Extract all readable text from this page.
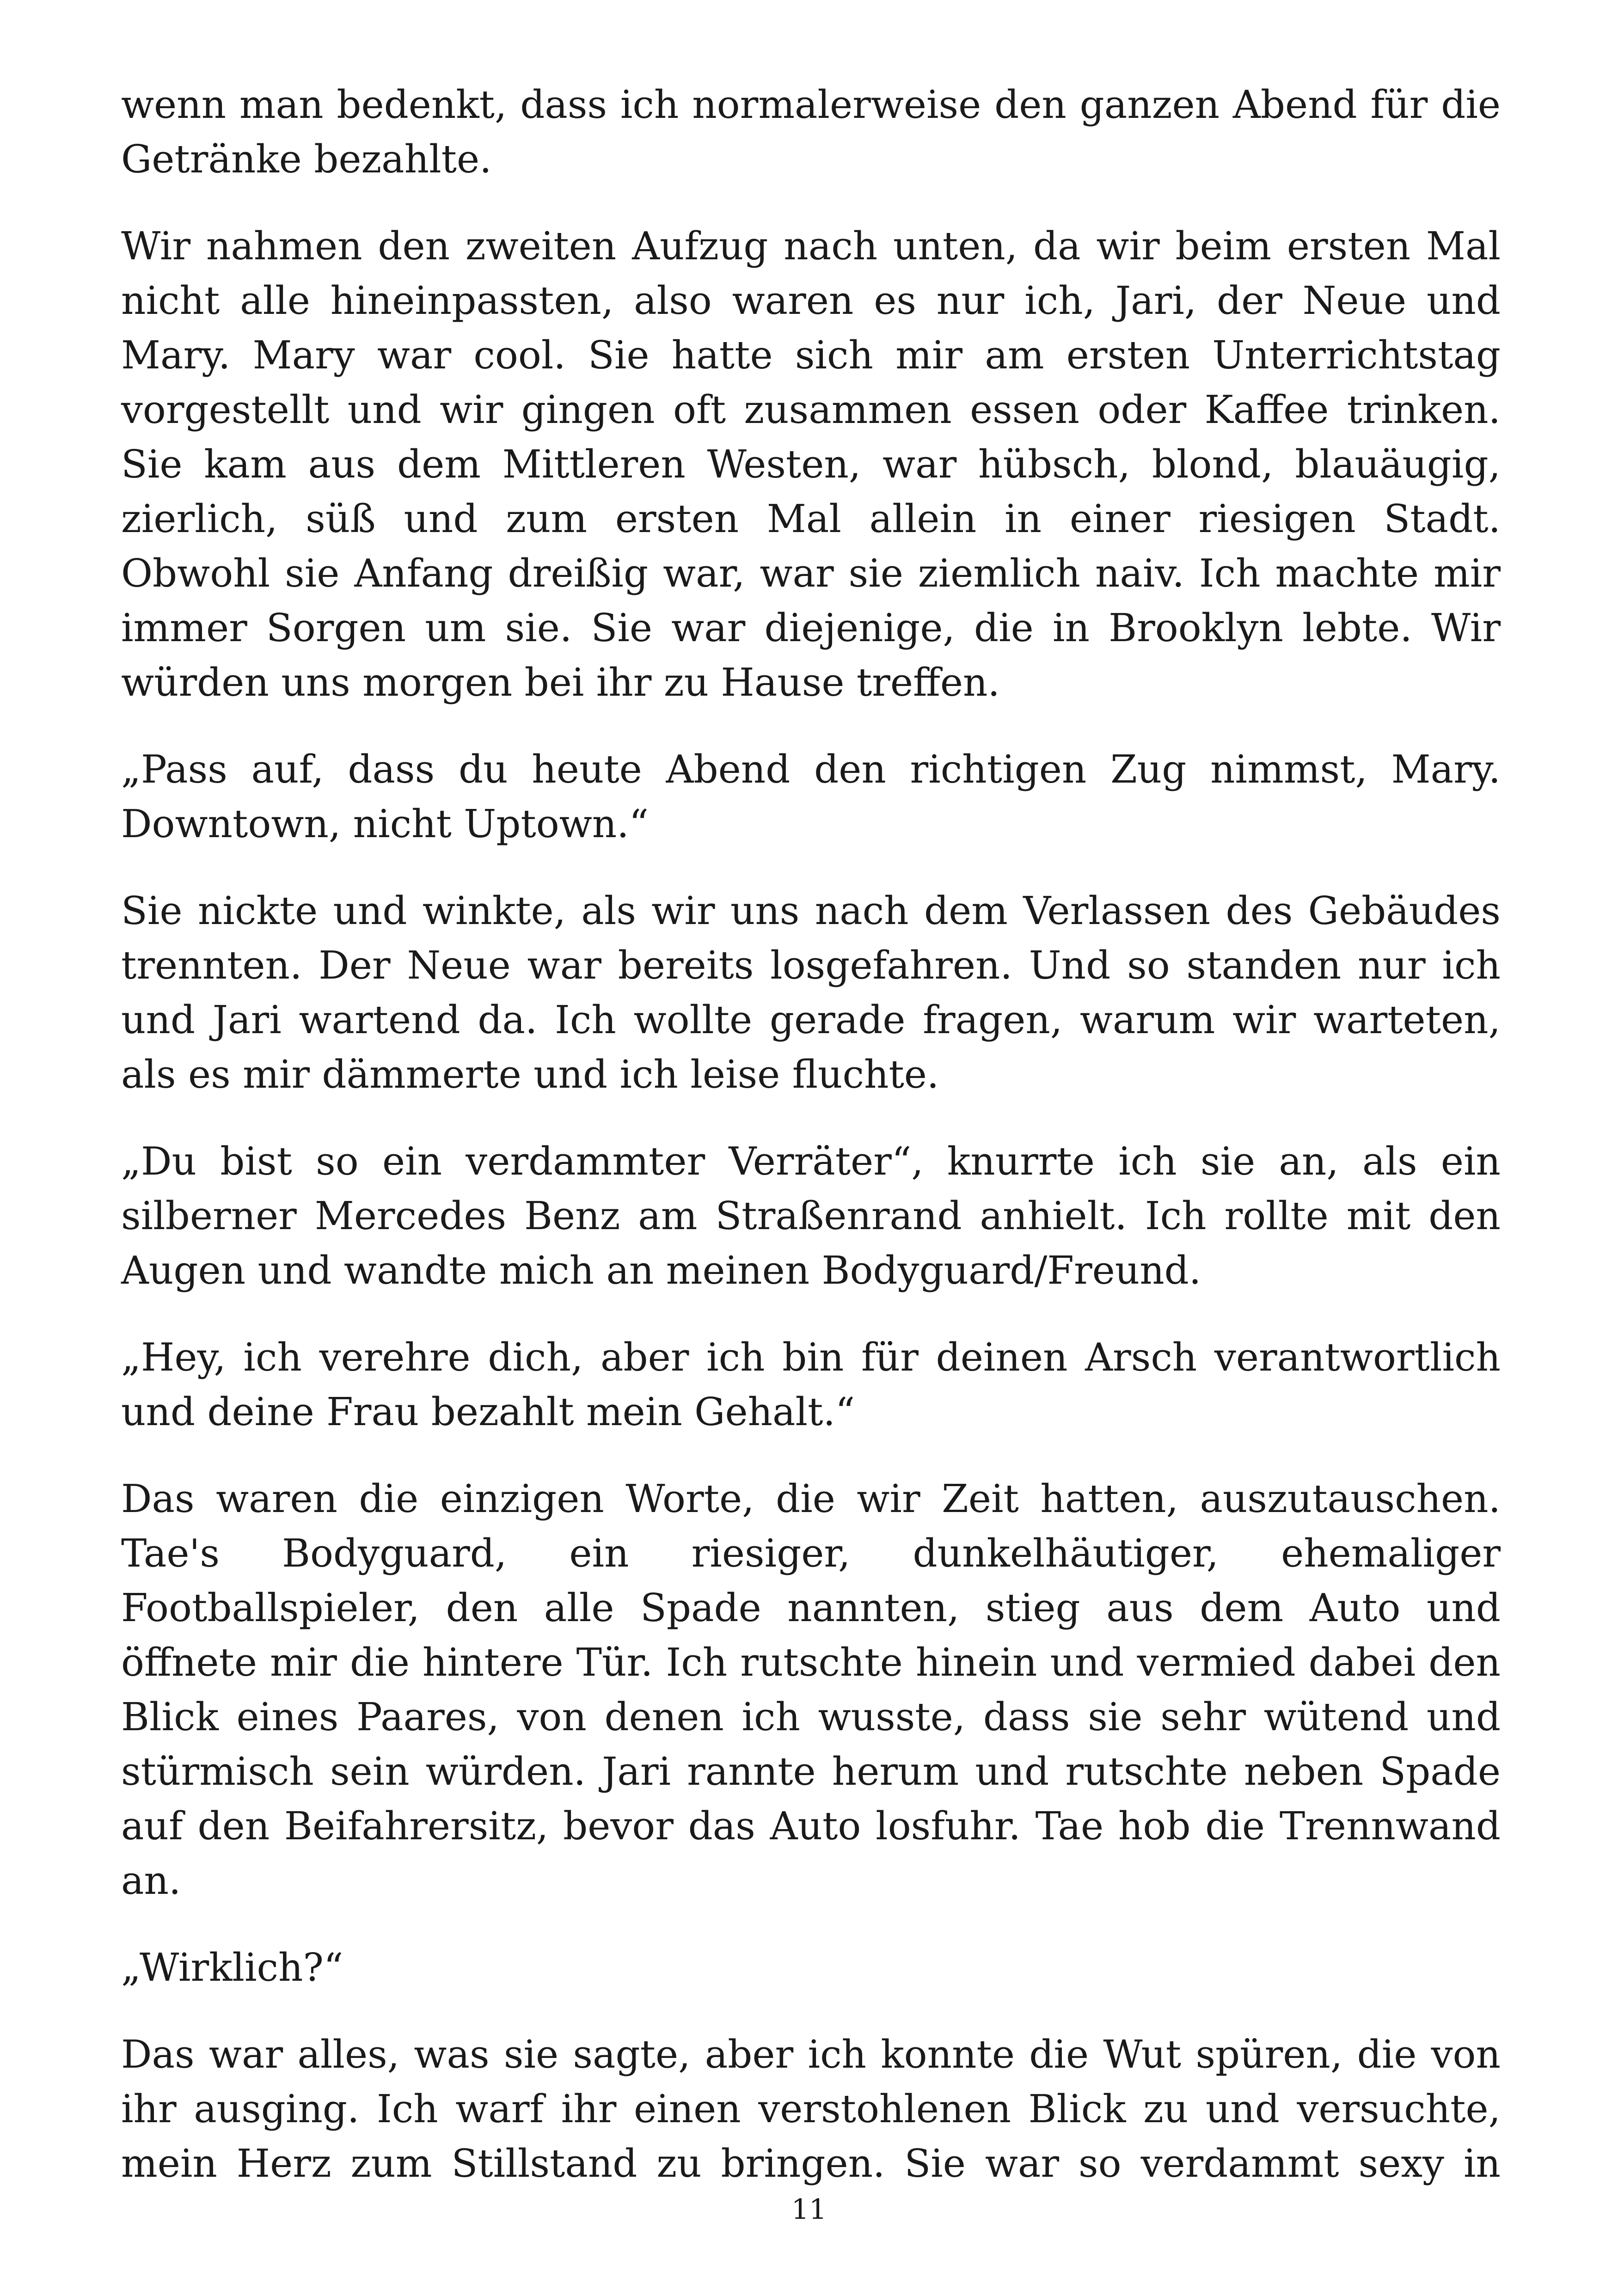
wenn man bedenkt, dass ich normalerweise den ganzen Abend für die Getränke bezahlte.

Wir nahmen den zweiten Aufzug nach unten, da wir beim ersten Mal nicht alle hineinpassten, also waren es nur ich, Jari, der Neue und Mary. Mary war cool. Sie hatte sich mir am ersten Unterrichtstag vorgestellt und wir gingen oft zusammen essen oder Kaffee trinken. Sie kam aus dem Mittleren Westen, war hübsch, blond, blauäugig, zierlich, süß und zum ersten Mal allein in einer riesigen Stadt. Obwohl sie Anfang dreißig war, war sie ziemlich naiv. Ich machte mir immer Sorgen um sie. Sie war diejenige, die in Brooklyn lebte. Wir würden uns morgen bei ihr zu Hause treffen.

„Pass auf, dass du heute Abend den richtigen Zug nimmst, Mary. Downtown, nicht Uptown.“

Sie nickte und winkte, als wir uns nach dem Verlassen des Gebäudes trennten. Der Neue war bereits losgefahren. Und so standen nur ich und Jari wartend da. Ich wollte gerade fragen, warum wir warteten, als es mir dämmerte und ich leise fluchte.

„Du bist so ein verdammter Verräter“, knurrte ich sie an, als ein silberner Mercedes Benz am Straßenrand anhielt. Ich rollte mit den Augen und wandte mich an meinen Bodyguard/Freund.

„Hey, ich verehre dich, aber ich bin für deinen Arsch verantwortlich und deine Frau bezahlt mein Gehalt.“

Das waren die einzigen Worte, die wir Zeit hatten, auszutauschen. Tae's Bodyguard, ein riesiger, dunkelhäutiger, ehemaliger Footballspieler, den alle Spade nannten, stieg aus dem Auto und öffnete mir die hintere Tür. Ich rutschte hinein und vermied dabei den Blick eines Paares, von denen ich wusste, dass sie sehr wütend und stürmisch sein würden. Jari rannte herum und rutschte neben Spade auf den Beifahrersitz, bevor das Auto losfuhr. Tae hob die Trennwand an.

„Wirklich?“

Das war alles, was sie sagte, aber ich konnte die Wut spüren, die von ihr ausging. Ich warf ihr einen verstohlenen Blick zu und versuchte, mein Herz zum Stillstand zu bringen. Sie war so verdammt sexy in

11
